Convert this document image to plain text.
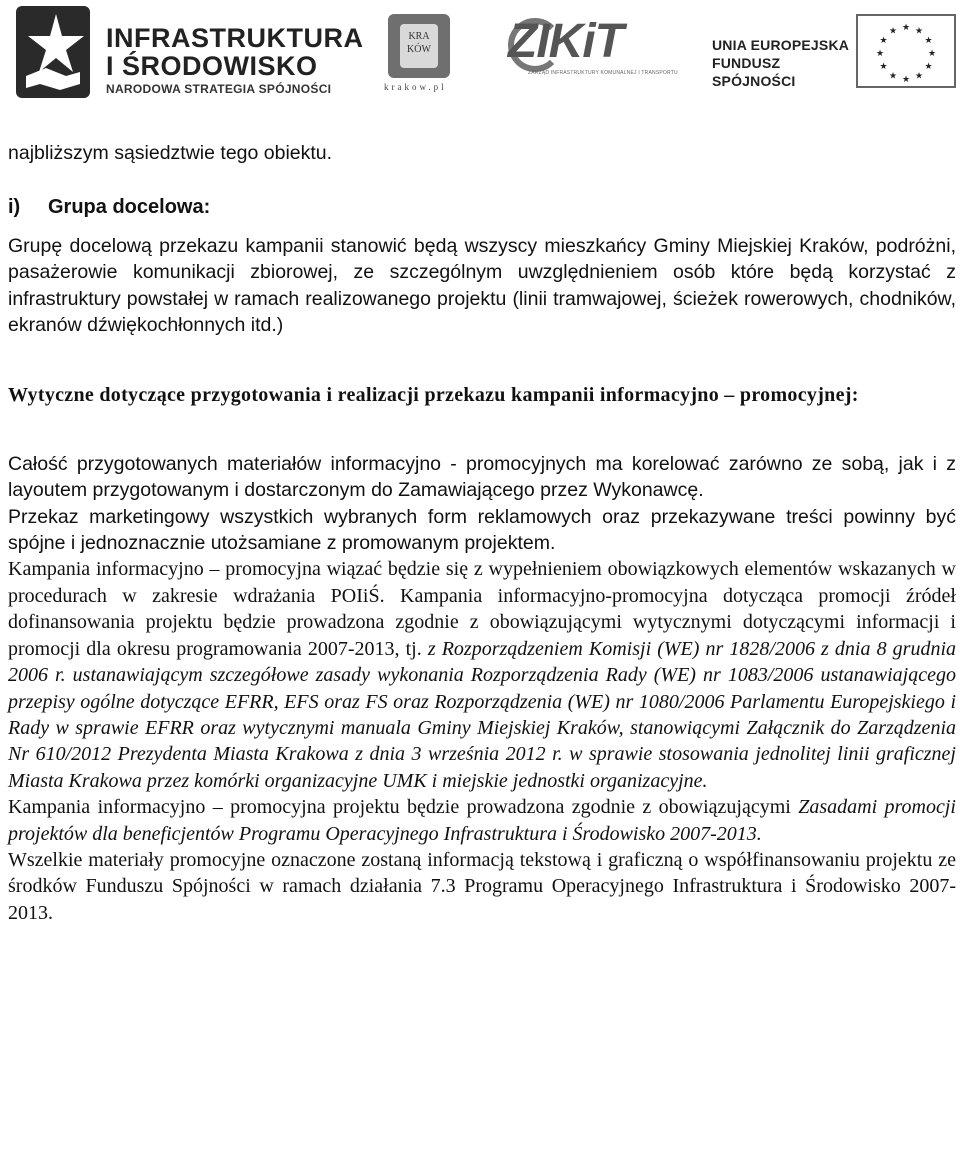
INFRASTRUKTURA
I ŚRODOWISKO
NARODOWA STRATEGIA SPÓJNOŚCI
KRA
KÓW
krakow.pl
ZIKiT
ZARZĄD INFRASTRUKTURY KOMUNALNEJ I TRANSPORTU
UNIA EUROPEJSKA
FUNDUSZ SPÓJNOŚCI
★ ★
★
★
★
★
★
★
★
★
★
★

najbliższym sąsiedztwie tego obiektu.

i) Grupa docelowa:

Grupę docelową przekazu kampanii stanowić będą wszyscy mieszkańcy Gminy Miejskiej Kraków, podróżni, pasażerowie komunikacji zbiorowej, ze szczególnym uwzględnieniem osób które będą korzystać z infrastruktury powstałej w ramach realizowanego projektu (linii tramwajowej, ścieżek rowerowych, chodników, ekranów dźwiękochłonnych itd.)

Wytyczne dotyczące przygotowania i realizacji przekazu kampanii informacyjno – promocyjnej:

Całość przygotowanych materiałów informacyjno - promocyjnych ma korelować zarówno ze sobą, jak i z layoutem przygotowanym i dostarczonym do Zamawiającego przez Wykonawcę.

Przekaz marketingowy wszystkich wybranych form reklamowych oraz przekazywane treści powinny być spójne i jednoznacznie utożsamiane z promowanym projektem.

Kampania informacyjno – promocyjna wiązać będzie się z wypełnieniem obowiązkowych elementów wskazanych w procedurach w zakresie wdrażania POIiŚ. Kampania informacyjno-promocyjna dotycząca promocji źródeł dofinansowania projektu będzie prowadzona zgodnie z obowiązującymi wytycznymi dotyczącymi informacji i promocji dla okresu programowania 2007-2013, tj. z Rozporządzeniem Komisji (WE) nr 1828/2006 z dnia 8 grudnia 2006 r. ustanawiającym szczegółowe zasady wykonania Rozporządzenia Rady (WE) nr 1083/2006 ustanawiającego przepisy ogólne dotyczące EFRR, EFS oraz FS oraz Rozporządzenia (WE) nr 1080/2006 Parlamentu Europejskiego i Rady w sprawie EFRR oraz wytycznymi manuala Gminy Miejskiej Kraków, stanowiącymi Załącznik do Zarządzenia Nr 610/2012 Prezydenta Miasta Krakowa z dnia 3 września 2012 r. w sprawie stosowania jednolitej linii graficznej Miasta Krakowa przez komórki organizacyjne UMK i miejskie jednostki organizacyjne.

Kampania informacyjno – promocyjna projektu będzie prowadzona zgodnie z obowiązującymi Zasadami promocji projektów dla beneficjentów Programu Operacyjnego Infrastruktura i Środowisko 2007-2013.

Wszelkie materiały promocyjne oznaczone zostaną informacją tekstową i graficzną o współfinansowaniu projektu ze środków Funduszu Spójności w ramach działania 7.3 Programu Operacyjnego Infrastruktura i Środowisko 2007-2013.
